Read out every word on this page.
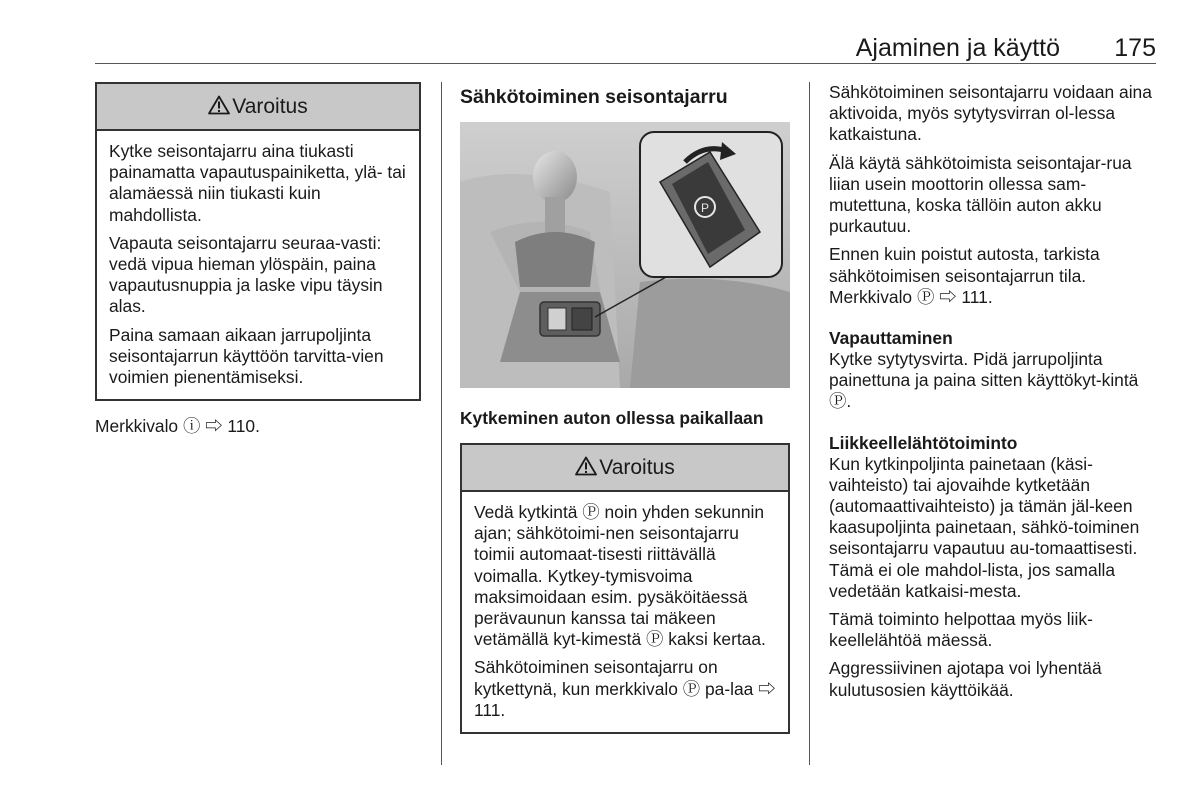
Ajaminen ja käyttö 175
Varoitus

Kytke seisontajarru aina tiukasti painamatta vapautuspainiketta, ylä- tai alamäessä niin tiukasti kuin mahdollista.

Vapauta seisontajarru seuraa-vasti: vedä vipua hieman ylöspäin, paina vapautusnuppia ja laske vipu täysin alas.

Paina samaan aikaan jarrupoljinta seisontajarrun käyttöön tarvitta-vien voimien pienentämiseksi.

Merkkivalo ⓘ ⇨ 110.

Sähkötoiminen seisontajarru
P
Kytkeminen auton ollessa paikallaan
Varoitus

Vedä kytkintä Ⓟ noin yhden sekunnin ajan; sähkötoimi-nen seisontajarru toimii automaat-tisesti riittävällä voimalla. Kytkey-tymisvoima maksimoidaan esim. pysäköitäessä perävaunun kanssa tai mäkeen vetämällä kyt-kimestä Ⓟ kaksi kertaa.

Sähkötoiminen seisontajarru on kytkettynä, kun merkkivalo Ⓟ pa-laa ⇨ 111.

Sähkötoiminen seisontajarru voidaan aina aktivoida, myös sytytysvirran ol-lessa katkaistuna.

Älä käytä sähkötoimista seisontajar-rua liian usein moottorin ollessa sam-mutettuna, koska tällöin auton akku purkautuu.

Ennen kuin poistut autosta, tarkista sähkötoimisen seisontajarrun tila. Merkkivalo Ⓟ ⇨ 111.

Vapauttaminen

Kytke sytytysvirta. Pidä jarrupoljinta painettuna ja paina sitten käyttökyt-kintä Ⓟ.

Liikkeellelähtötoiminto

Kun kytkinpoljinta painetaan (käsi-vaihteisto) tai ajovaihde kytketään (automaattivaihteisto) ja tämän jäl-keen kaasupoljinta painetaan, sähkö-toiminen seisontajarru vapautuu au-tomaattisesti. Tämä ei ole mahdol-lista, jos samalla vedetään katkaisi-mesta.

Tämä toiminto helpottaa myös liik-keellelähtöä mäessä.

Aggressiivinen ajotapa voi lyhentää kulutusosien käyttöikää.
